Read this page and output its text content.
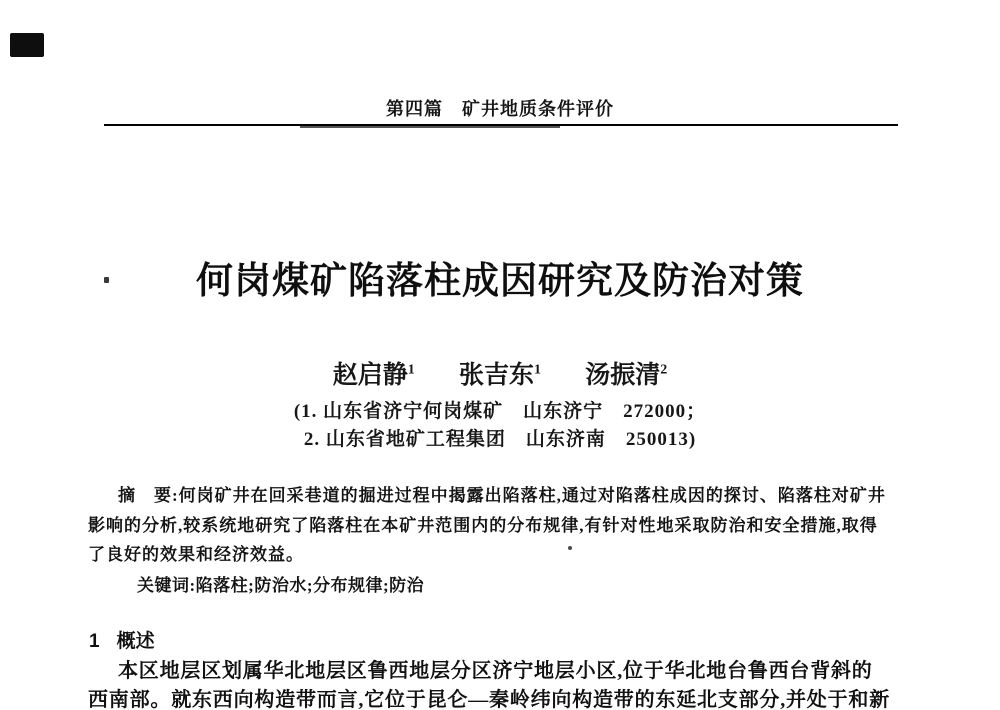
第四篇　矿井地质条件评价
何岗煤矿陷落柱成因研究及防治对策
赵启静$^1$ 张吉东$^1$ 汤振清$^2$
(1. 山东省济宁何岗煤矿　山东济宁　272000；
2. 山东省地矿工程集团　山东济南　250013)
摘　要:何岗矿井在回采巷道的掘进过程中揭露出陷落柱,通过对陷落柱成因的探讨、陷落柱对矿井
影响的分析,较系统地研究了陷落柱在本矿井范围内的分布规律,有针对性地采取防治和安全措施,取得
了良好的效果和经济效益。
关键词:陷落柱;防治水;分布规律;防治
1 概述
本区地层区划属华北地层区鲁西地层分区济宁地层小区,位于华北地台鲁西台背斜的
西南部。就东西向构造带而言,它位于昆仑—秦岭纬向构造带的东延北支部分,并处于和新
